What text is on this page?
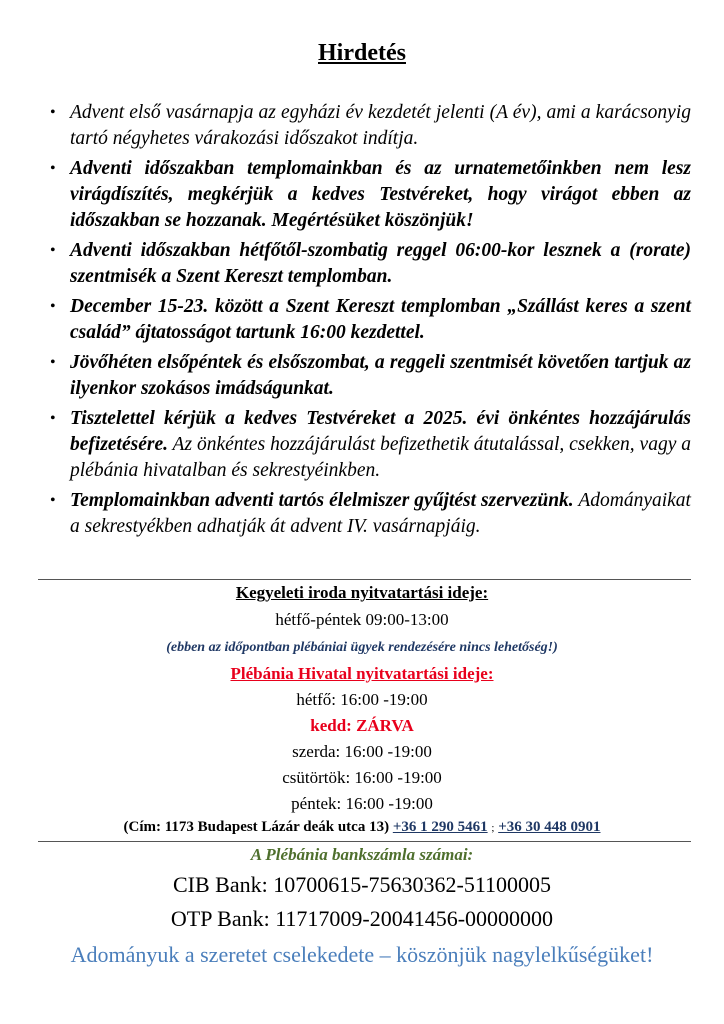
Hirdetés
• Advent első vasárnapja az egyházi év kezdetét jelenti (A év), ami a karácsonyig tartó négyhetes várakozási időszakot indítja.
• Adventi időszakban templomainkban és az urnatemetőinkben nem lesz virágdíszítés, megkérjük a kedves Testvéreket, hogy virágot ebben az időszakban se hozzanak. Megértésüket köszönjük!
• Adventi időszakban hétfőtől-szombatig reggel 06:00-kor lesznek a (rorate) szentmisék a Szent Kereszt templomban.
• December 15-23. között a Szent Kereszt templomban „Szállást keres a szent család” ájtatosságot tartunk 16:00 kezdettel.
• Jövőhéten elsőpéntek és elsőszombat, a reggeli szentmisét követően tartjuk az ilyenkor szokásos imádságunkat.
• Tisztelettel kérjük a kedves Testvéreket a 2025. évi önkéntes hozzájárulás befizetésére. Az önkéntes hozzájárulást befizethetik átutalással, csekken, vagy a plébánia hivatalban és sekrestyéinkben.
• Templomainkban adventi tartós élelmiszer gyűjtést szervezünk. Adományaikat a sekrestyékben adhatják át advent IV. vasárnapjáig.
Kegyeleti iroda nyitvatartási ideje:
hétfő-péntek 09:00-13:00
(ebben az időpontban plébániai ügyek rendezésére nincs lehetőség!)
Plébánia Hivatal nyitvatartási ideje:
hétfő: 16:00 -19:00
kedd: ZÁRVA
szerda: 16:00 -19:00
csütörtök: 16:00 -19:00
péntek: 16:00 -19:00
(Cím: 1173 Budapest Lázár deák utca 13) +36 1 290 5461 ; +36 30 448 0901
A Plébánia bankszámla számai:
CIB Bank: 10700615-75630362-51100005
OTP Bank: 11717009-20041456-00000000
Adományuk a szeretet cselekedete – köszönjük nagylelkűségüket!
